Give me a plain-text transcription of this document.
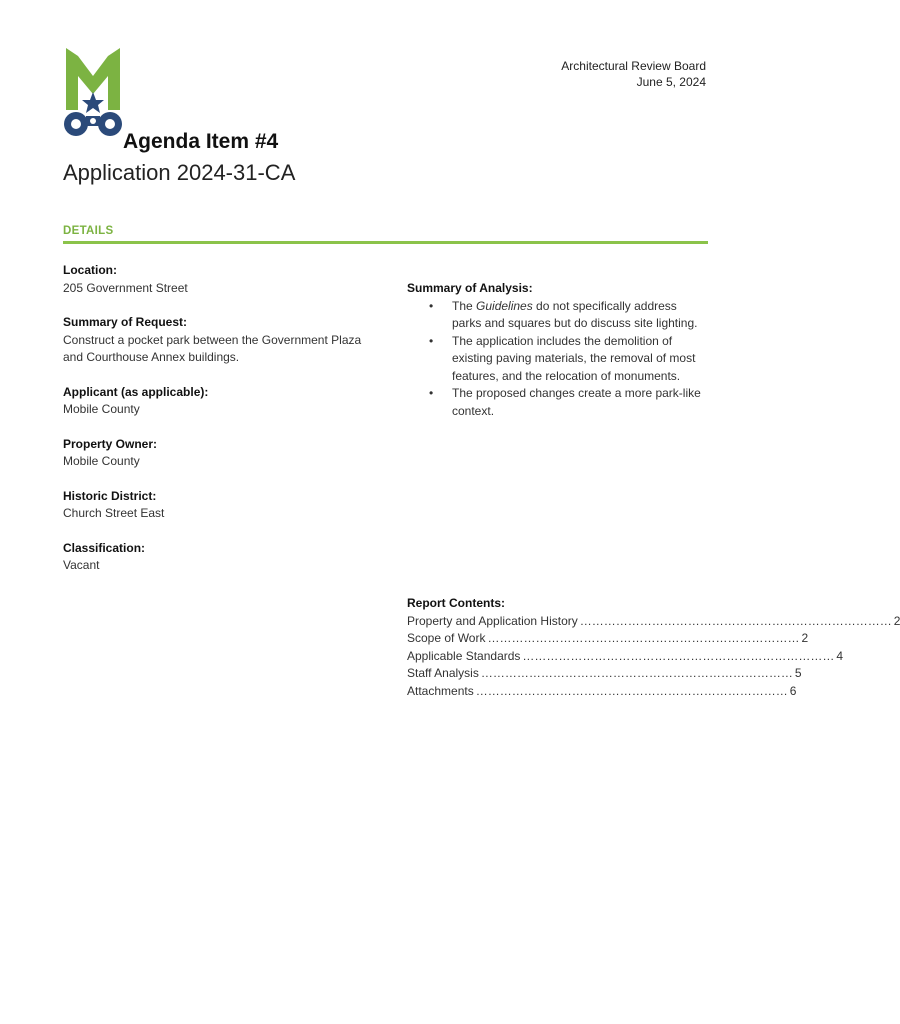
Architectural Review Board
June 5, 2024
Agenda Item #4
Application 2024-31-CA
DETAILS
Location:
205 Government Street
Summary of Request:
Construct a pocket park between the Government Plaza and Courthouse Annex buildings.
Applicant (as applicable):
Mobile County
Property Owner:
Mobile County
Historic District:
Church Street East
Classification:
Vacant
Summary of Analysis:
• The Guidelines do not specifically address parks and squares but do discuss site lighting.
• The application includes the demolition of existing paving materials, the removal of most features, and the relocation of monuments.
• The proposed changes create a more park-like context.
Report Contents:
Property and Application History …………………………………………………………………… 2
Scope of Work …………………………………………………………………… 2
Applicable Standards …………………………………………………………………… 4
Staff Analysis …………………………………………………………………… 5
Attachments …………………………………………………………………… 6
